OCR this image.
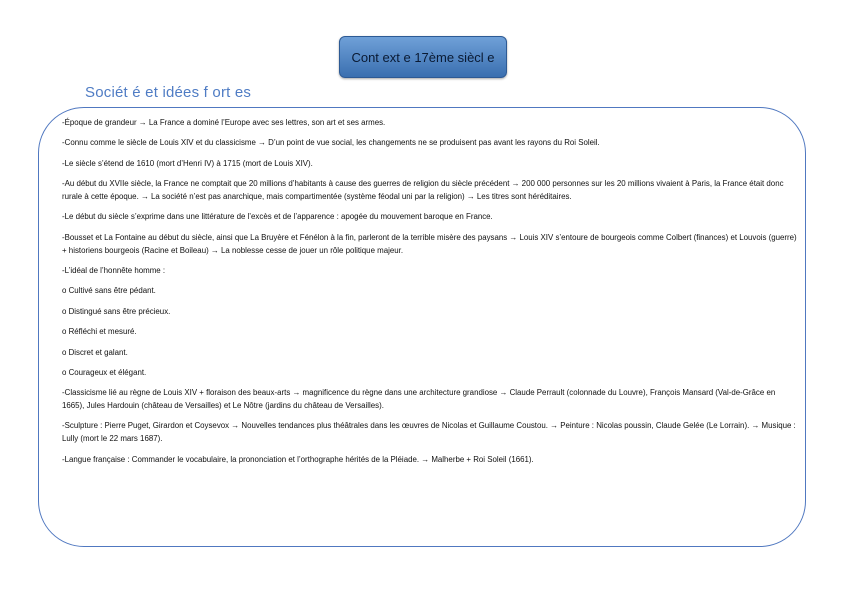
Cont ext e 17ème siècl e
Sociét é et idées f ort es

-Époque de grandeur → La France a dominé l’Europe avec ses lettres, son art et ses armes.

-Connu comme le siècle de Louis XIV et du classicisme → D’un point de vue social, les changements ne se produisent pas avant les rayons du Roi Soleil.

-Le siècle s’étend de 1610 (mort d’Henri IV) à 1715 (mort de Louis XIV).

-Au début du XVIIe siècle, la France ne comptait que 20 millions d’habitants à cause des guerres de religion du siècle précédent → 200 000 personnes sur les 20 millions vivaient à Paris, la France était donc rurale à cette époque. → La société n’est pas anarchique, mais compartimentée (système féodal uni par la religion) → Les titres sont héréditaires.

-Le début du siècle s’exprime dans une littérature de l’excès et de l’apparence : apogée du mouvement baroque en France.

-Bousset et La Fontaine au début du siècle, ainsi que La Bruyère et Fénélon à la fin, parleront de la terrible misère des paysans → Louis XIV s’entoure de bourgeois comme Colbert (finances) et Louvois (guerre) + historiens bourgeois (Racine et Boileau) → La noblesse cesse de jouer un rôle politique majeur.

-L’idéal de l’honnête homme :

o Cultivé sans être pédant.

o Distingué sans être précieux.

o Réfléchi et mesuré.

o Discret et galant.

o Courageux et élégant.

-Classicisme lié au règne de Louis XIV + floraison des beaux-arts → magnificence du règne dans une architecture grandiose → Claude Perrault (colonnade du Louvre), François Mansard (Val-de-Grâce en 1665), Jules Hardouin (château de Versailles) et Le Nôtre (jardins du château de Versailles).

-Sculpture : Pierre Puget, Girardon et Coysevox → Nouvelles tendances plus théâtrales dans les œuvres de Nicolas et Guillaume Coustou. → Peinture : Nicolas poussin, Claude Gelée (Le Lorrain). → Musique : Lully (mort le 22 mars 1687).

-Langue française : Commander le vocabulaire, la prononciation et l’orthographe hérités de la Pléiade. → Malherbe + Roi Soleil (1661).
